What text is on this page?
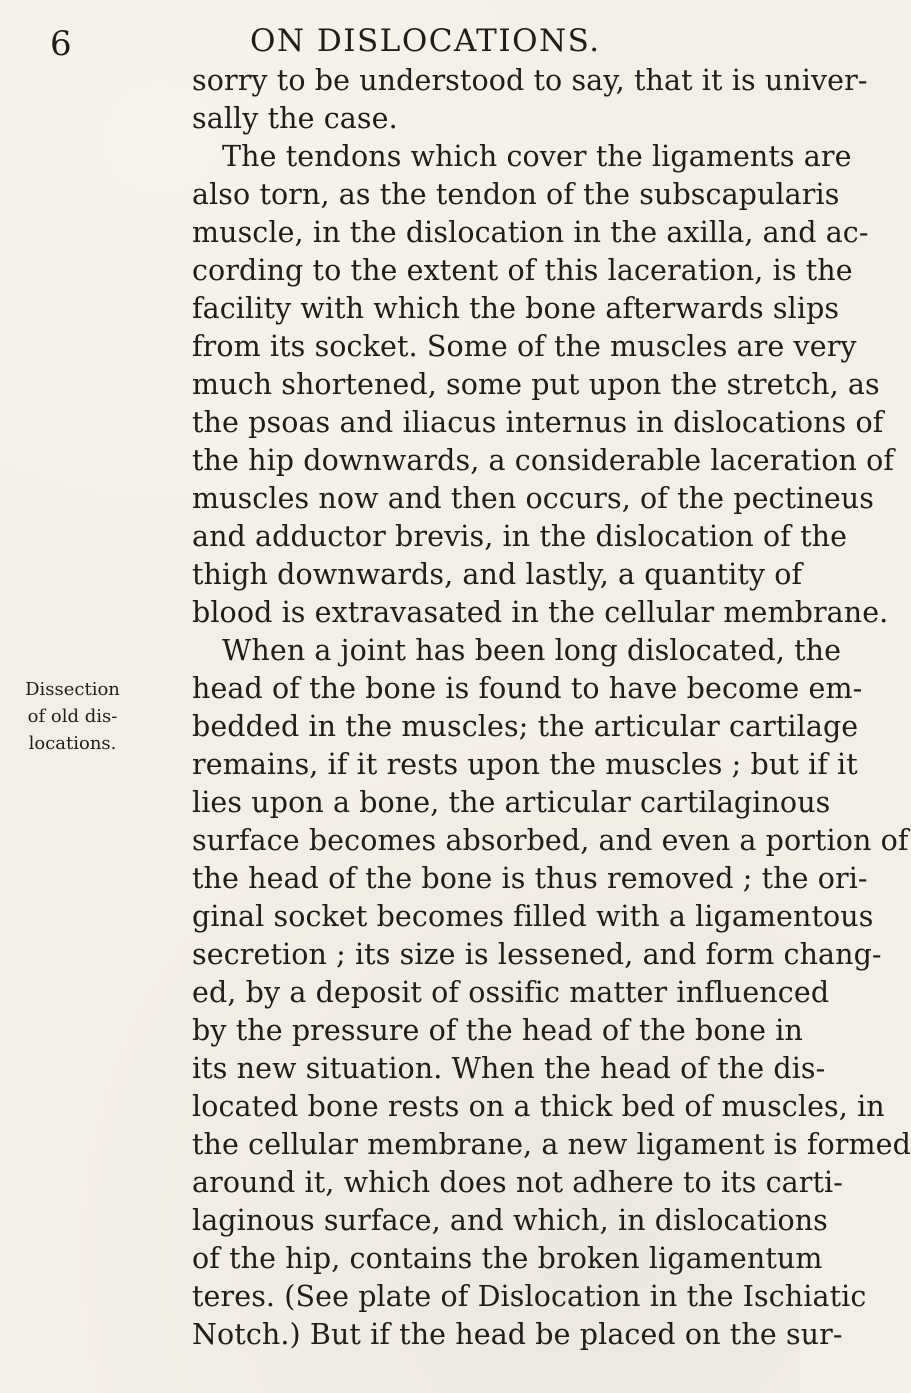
6	ON DISLOCATIONS.
Dissection
of old dis-
locations.
sorry to be understood to say, that it is univer-
sally the case.
The tendons which cover the ligaments are
also torn, as the tendon of the subscapularis
muscle, in the dislocation in the axilla, and ac-
cording to the extent of this laceration, is the
facility with which the bone afterwards slips
from its socket. Some of the muscles are very
much shortened, some put upon the stretch, as
the psoas and iliacus internus in dislocations of
the hip downwards, a considerable laceration of
muscles now and then occurs, of the pectineus
and adductor brevis, in the dislocation of the
thigh downwards, and lastly, a quantity of
blood is extravasated in the cellular membrane.
When a joint has been long dislocated, the
head of the bone is found to have become em-
bedded in the muscles; the articular cartilage
remains, if it rests upon the muscles ; but if it
lies upon a bone, the articular cartilaginous
surface becomes absorbed, and even a portion of
the head of the bone is thus removed ; the ori-
ginal socket becomes filled with a ligamentous
secretion ; its size is lessened, and form chang-
ed, by a deposit of ossific matter influenced
by the pressure of the head of the bone in
its new situation. When the head of the dis-
located bone rests on a thick bed of muscles, in
the cellular membrane, a new ligament is formed
around it, which does not adhere to its carti-
laginous surface, and which, in dislocations
of the hip, contains the broken ligamentum
teres. (See plate of Dislocation in the Ischiatic
Notch.) But if the head be placed on the sur-
